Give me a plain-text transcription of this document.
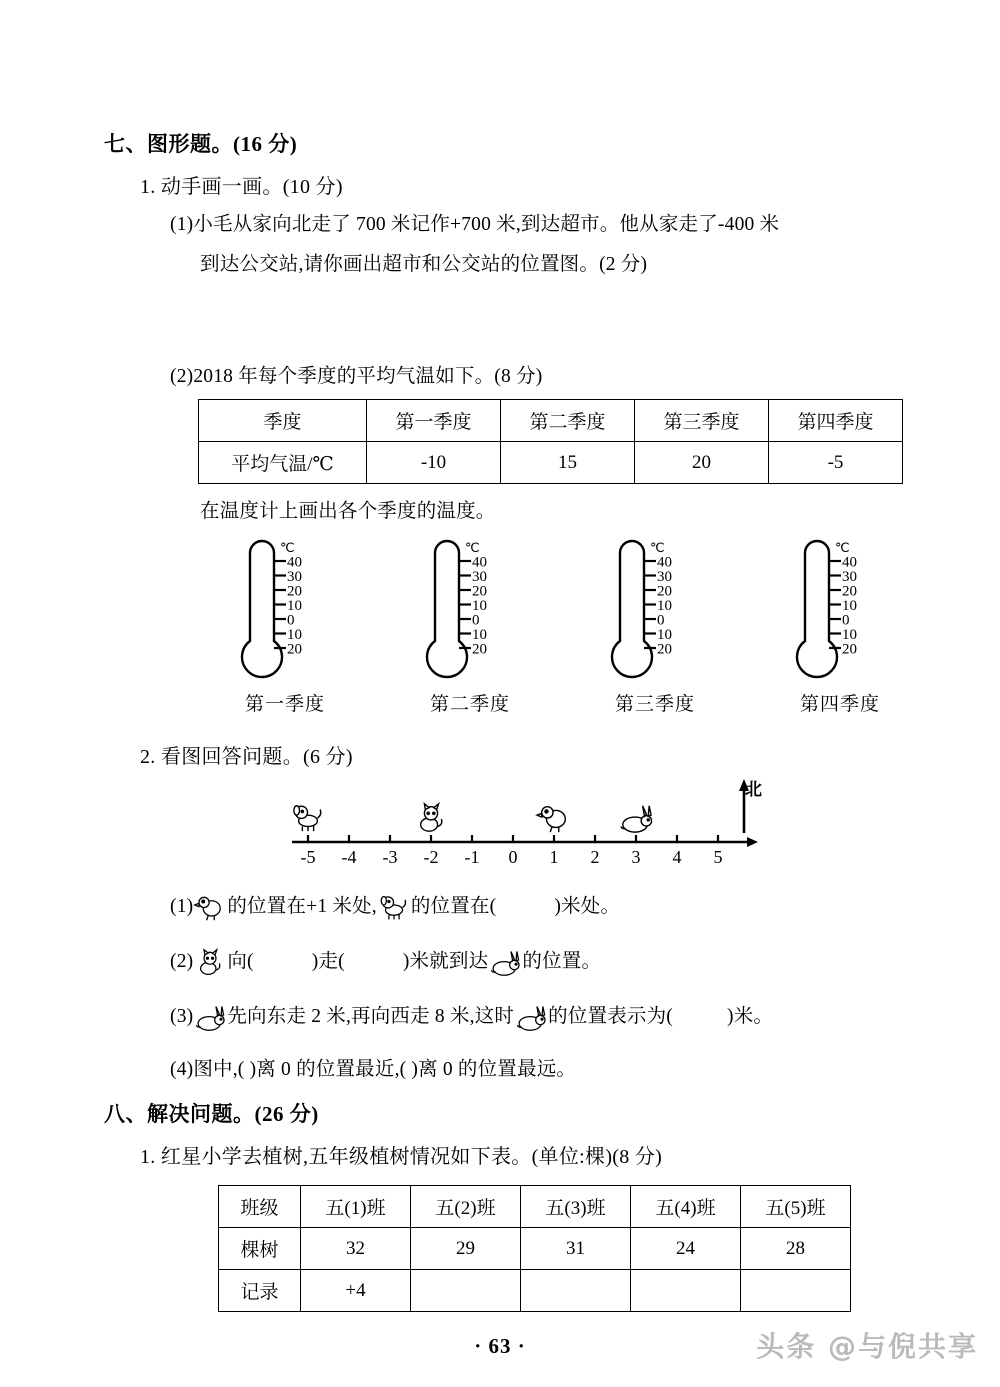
七、图形题。(16 分)
1. 动手画一画。(10 分)
(1)小毛从家向北走了 700 米记作+700 米,到达超市。他从家走了-400 米
到达公交站,请你画出超市和公交站的位置图。(2 分)
(2)2018 年每个季度的平均气温如下。(8 分)
季度	第一季度	第二季度	第三季度	第四季度
平均气温/℃	-10	15	20	-5
在温度计上画出各个季度的温度。
℃
40
30
20
10
0
10
20
第一季度
℃
40
30
20
10
0
10
20
第二季度
℃
40
30
20
10
0
10
20
第三季度
℃
40
30
20
10
0
10
20
第四季度
2. 看图回答问题。(6 分)
北
-5 -4 -3 -2 -1 0 1 2 3 4 5
(1) 的位置在+1 米处, 的位置在(	)米处。
(2) 向(	)走(	)米就到达 的位置。
(3) 先向东走 2 米,再向西走 8 米,这时 的位置表示为(	)米。
(4)图中,( )离 0 的位置最近,( )离 0 的位置最远。
八、解决问题。(26 分)
1. 红星小学去植树,五年级植树情况如下表。(单位:棵)(8 分)
班级	五(1)班	五(2)班	五(3)班	五(4)班	五(5)班
棵树	32	29	31	24	28
记录	+4				
· 63 ·	头条 @与倪共享
